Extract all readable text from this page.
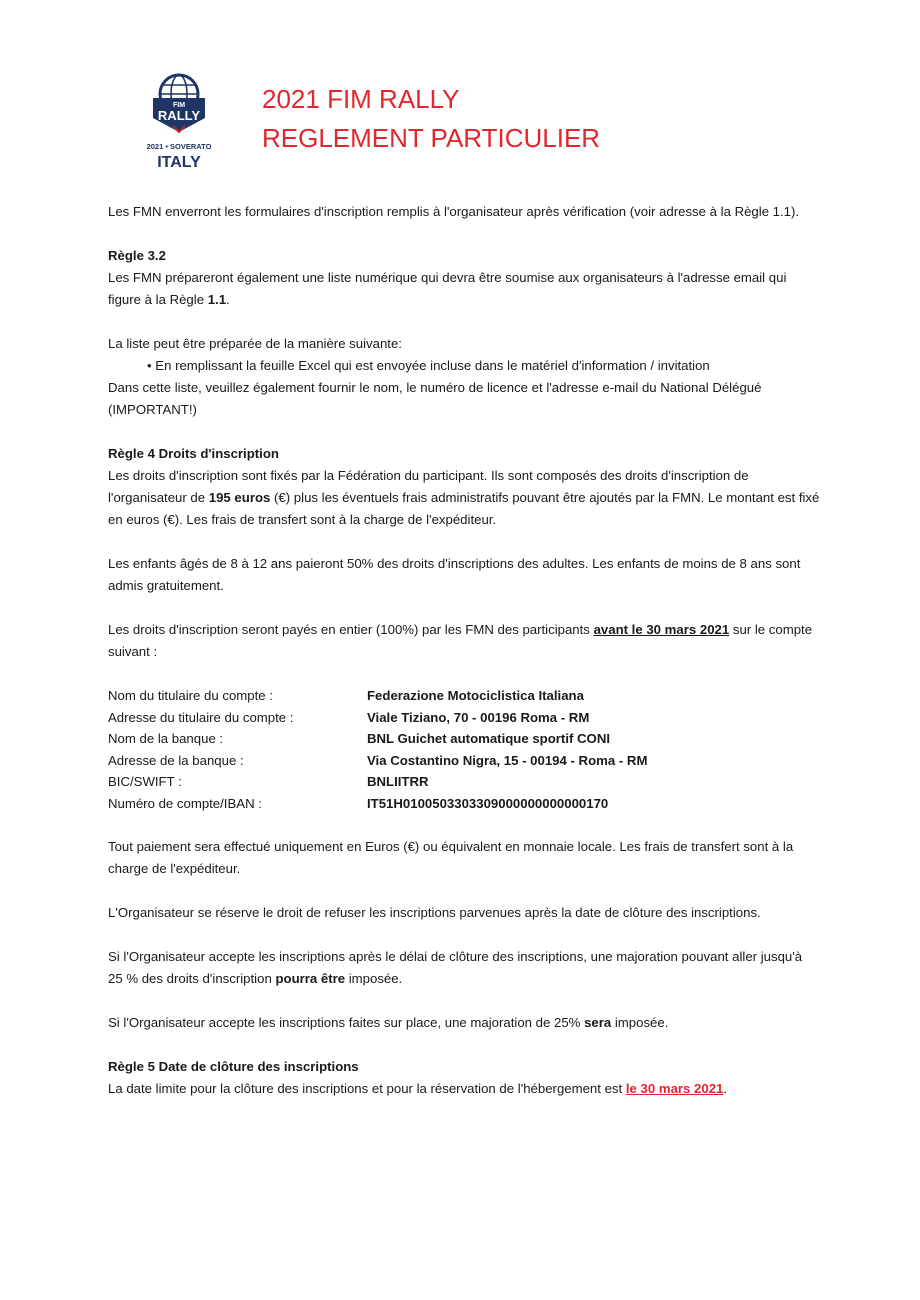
FIM
RALLY
2021 • SOVERATO
ITALY
2021 FIM RALLY
REGLEMENT PARTICULIER

Les FMN enverront les formulaires d'inscription remplis à l'organisateur après vérification (voir adresse à la Règle 1.1).

Règle 3.2

Les FMN prépareront également une liste numérique qui devra être soumise aux organisateurs à l'adresse email qui figure à la Règle 1.1.

La liste peut être préparée de la manière suivante:

• En remplissant la feuille Excel qui est envoyée incluse dans le matériel d'information / invitation

Dans cette liste, veuillez également fournir le nom, le numéro de licence et l'adresse e-mail du National Délégué (IMPORTANT!)

Règle 4 Droits d'inscription

Les droits d'inscription sont fixés par la Fédération du participant. Ils sont composés des droits d'inscription de l'organisateur de 195 euros (€) plus les éventuels frais administratifs pouvant être ajoutés par la FMN. Le montant est fixé en euros (€). Les frais de transfert sont à la charge de l'expéditeur.

Les enfants âgés de 8 à 12 ans paieront 50% des droits d'inscriptions des adultes. Les enfants de moins de 8 ans sont admis gratuitement.

Les droits d'inscription seront payés en entier (100%) par les FMN des participants avant le 30 mars 2021 sur le compte suivant :

Nom du titulaire du compte :	Federazione Motociclistica Italiana
Adresse du titulaire du compte :	Viale Tiziano, 70 - 00196 Roma - RM
Nom de la banque :	BNL Guichet automatique sportif CONI
Adresse de la banque :	Via Costantino Nigra, 15 - 00194 - Roma - RM
BIC/SWIFT :	BNLIITRR
Numéro de compte/IBAN :	IT51H0100503303309000000000000170

Tout paiement sera effectué uniquement en Euros (€) ou équivalent en monnaie locale. Les frais de transfert sont à la charge de l'expéditeur.

L'Organisateur se réserve le droit de refuser les inscriptions parvenues après la date de clôture des inscriptions.

Si l'Organisateur accepte les inscriptions après le délai de clôture des inscriptions, une majoration pouvant aller jusqu'à 25 % des droits d'inscription pourra être imposée.

Si l'Organisateur accepte les inscriptions faites sur place, une majoration de 25% sera imposée.

Règle 5 Date de clôture des inscriptions

La date limite pour la clôture des inscriptions et pour la réservation de l'hébergement est le 30 mars 2021.
